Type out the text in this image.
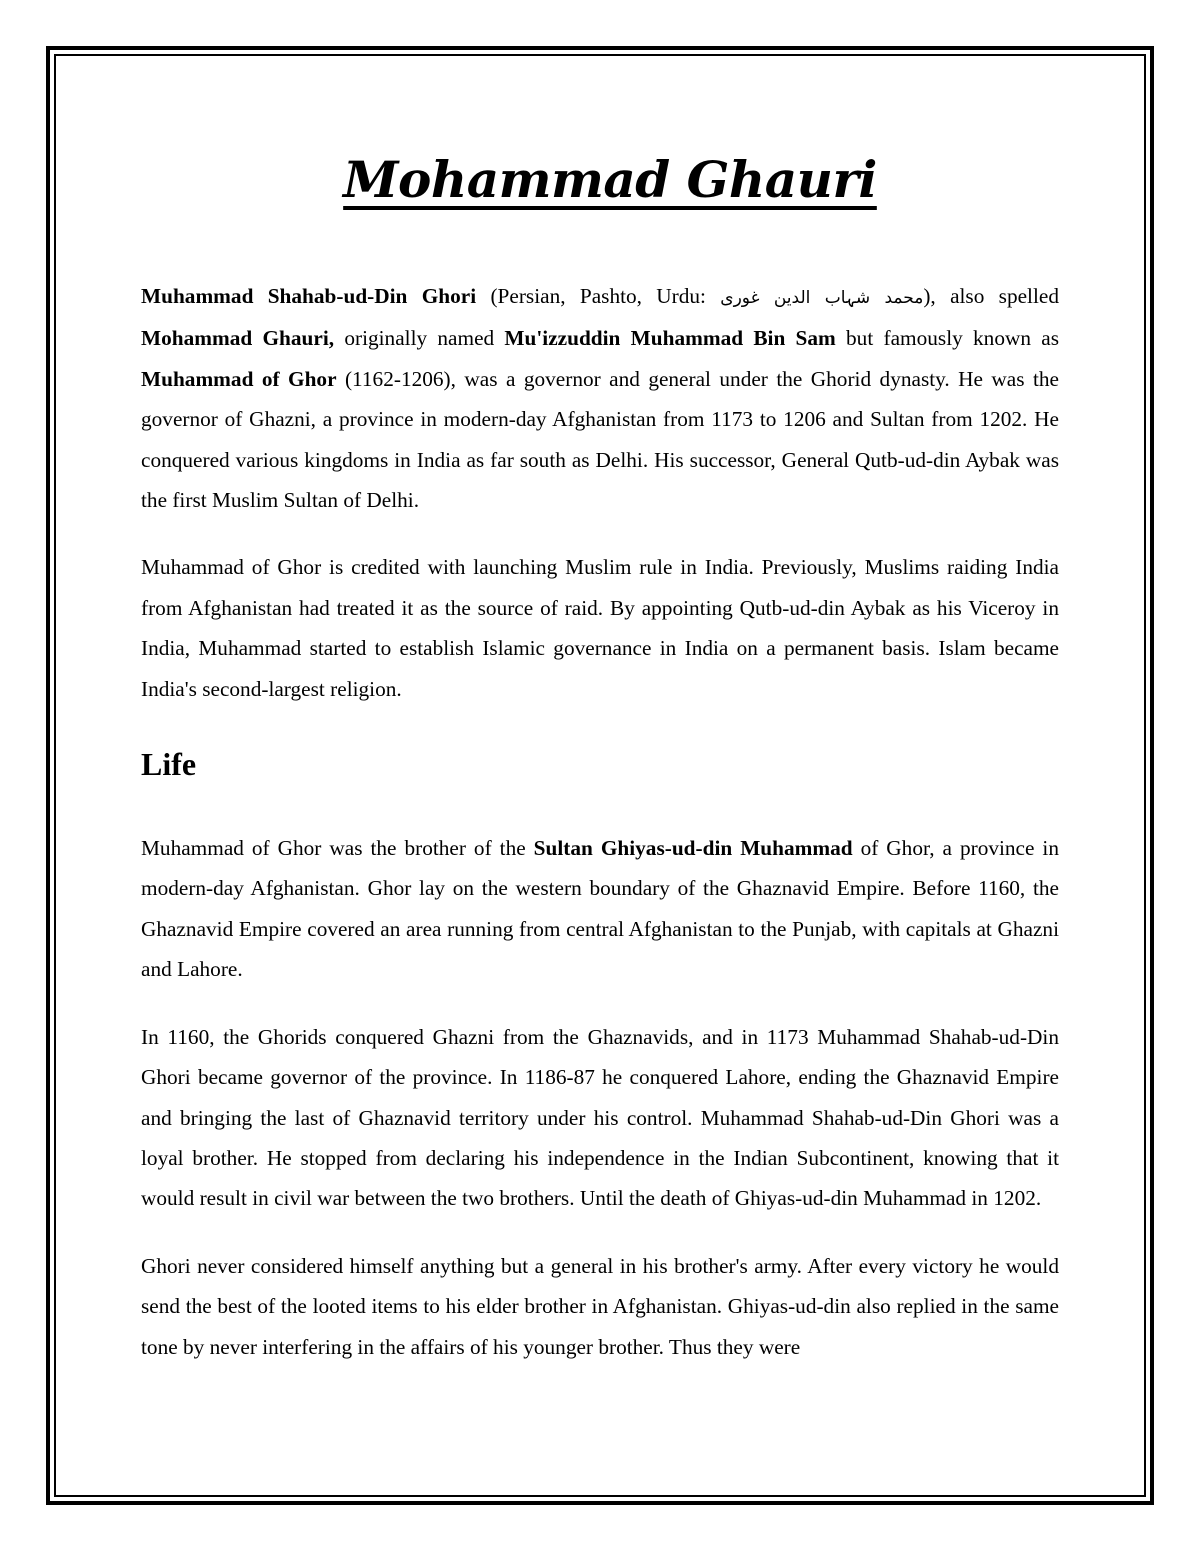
Mohammad Ghauri

Muhammad Shahab-ud-Din Ghori (Persian, Pashto, Urdu: محمد شہاب الدین غوری), also spelled Mohammad Ghauri, originally named Mu'izzuddin Muhammad Bin Sam but famously known as Muhammad of Ghor (1162-1206), was a governor and general under the Ghorid dynasty. He was the governor of Ghazni, a province in modern-day Afghanistan from 1173 to 1206 and Sultan from 1202. He conquered various kingdoms in India as far south as Delhi. His successor, General Qutb-ud-din Aybak was the first Muslim Sultan of Delhi.

Muhammad of Ghor is credited with launching Muslim rule in India. Previously, Muslims raiding India from Afghanistan had treated it as the source of raid. By appointing Qutb-ud-din Aybak as his Viceroy in India, Muhammad started to establish Islamic governance in India on a permanent basis. Islam became India's second-largest religion.

Life

Muhammad of Ghor was the brother of the Sultan Ghiyas-ud-din Muhammad of Ghor, a province in modern-day Afghanistan. Ghor lay on the western boundary of the Ghaznavid Empire. Before 1160, the Ghaznavid Empire covered an area running from central Afghanistan to the Punjab, with capitals at Ghazni and Lahore.

In 1160, the Ghorids conquered Ghazni from the Ghaznavids, and in 1173 Muhammad Shahab-ud-Din Ghori became governor of the province. In 1186-87 he conquered Lahore, ending the Ghaznavid Empire and bringing the last of Ghaznavid territory under his control. Muhammad Shahab-ud-Din Ghori was a loyal brother. He stopped from declaring his independence in the Indian Subcontinent, knowing that it would result in civil war between the two brothers. Until the death of Ghiyas-ud-din Muhammad in 1202.

Ghori never considered himself anything but a general in his brother's army. After every victory he would send the best of the looted items to his elder brother in Afghanistan. Ghiyas-ud-din also replied in the same tone by never interfering in the affairs of his younger brother. Thus they were
